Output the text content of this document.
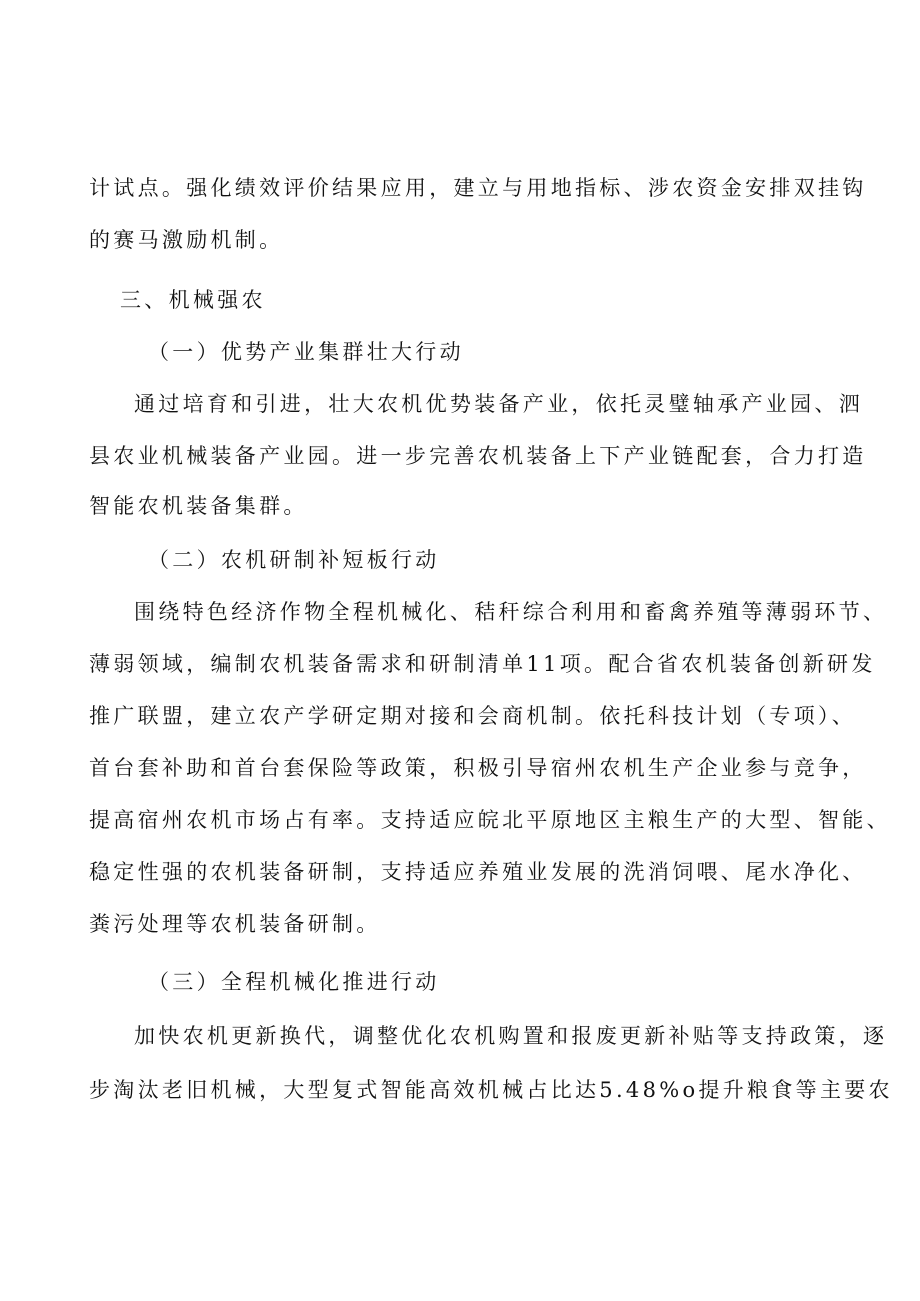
计试点。强化绩效评价结果应用，建立与用地指标、涉农资金安排双挂钩
的赛马激励机制。
三、机械强农
（一）优势产业集群壮大行动
通过培育和引进，壮大农机优势装备产业，依托灵璧轴承产业园、泗
县农业机械装备产业园。进一步完善农机装备上下产业链配套，合力打造
智能农机装备集群。
（二）农机研制补短板行动
围绕特色经济作物全程机械化、秸秆综合利用和畜禽养殖等薄弱环节、
薄弱领域，编制农机装备需求和研制清单11项。配合省农机装备创新研发
推广联盟，建立农产学研定期对接和会商机制。依托科技计划（专项）、
首台套补助和首台套保险等政策，积极引导宿州农机生产企业参与竞争，
提高宿州农机市场占有率。支持适应皖北平原地区主粮生产的大型、智能、
稳定性强的农机装备研制，支持适应养殖业发展的洗消饲喂、尾水净化、
粪污处理等农机装备研制。
（三）全程机械化推进行动
加快农机更新换代，调整优化农机购置和报废更新补贴等支持政策，逐
步淘汰老旧机械，大型复式智能高效机械占比达5.48%o提升粮食等主要农
